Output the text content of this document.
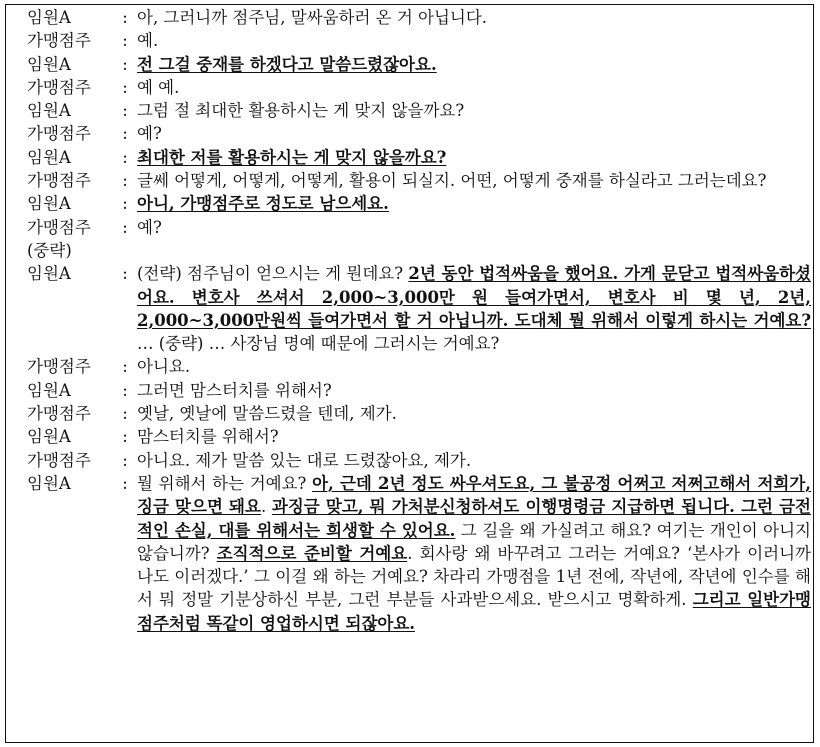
임원A	: 아, 그러니까 점주님, 말싸움하러 온 거 아닙니다.
가맹점주	: 예.
임원A	: 전 그걸 중재를 하겠다고 말씀드렸잖아요.
가맹점주	: 예 예.
임원A	: 그럼 절 최대한 활용하시는 게 맞지 않을까요?
가맹점주	: 예?
임원A	: 최대한 저를 활용하시는 게 맞지 않을까요?
가맹점주	: 글쎄 어떻게, 어떻게, 어떻게, 활용이 되실지. 어떤, 어떻게 중재를 하실라고 그러는데요?
임원A	: 아니, 가맹점주로 정도로 남으세요.
가맹점주	: 예?
(중략)
임원A	: (전략) 점주님이 얻으시는 게 뭔데요? 2년 동안 법적싸움을 했어요. 가게 문닫고 법적싸움하셨어요. 변호사 쓰셔서 2,000~3,000만 원 들여가면서, 변호사 비 몇 년, 2년, 2,000~3,000만원씩 들여가면서 할 거 아닙니까. 도대체 뭘 위해서 이렇게 하시는 거예요? … (중략) … 사장님 명예 때문에 그러시는 거예요?
가맹점주	: 아니요.
임원A	: 그러면 맘스터치를 위해서?
가맹점주	: 옛날, 옛날에 말씀드렸을 텐데, 제가.
임원A	: 맘스터치를 위해서?
가맹점주	: 아니요. 제가 말씀 있는 대로 드렸잖아요, 제가.
임원A	: 뭘 위해서 하는 거예요? 아, 근데 2년 정도 싸우셔도요, 그 불공정 어쩌고 저쩌고해서 저희가, 징금 맞으면 돼요. 과징금 맞고, 뭐 가처분신청하셔도 이행명령금 지급하면 됩니다. 그런 금전적인 손실, 대를 위해서는 희생할 수 있어요. 그 길을 왜 가실려고 해요? 여기는 개인이 아니지 않습니까? 조직적으로 준비할 거예요. 회사랑 왜 바꾸려고 그러는 거예요? ‘본사가 이러니까 나도 이러겠다.’ 그 이걸 왜 하는 거예요? 차라리 가맹점을 1년 전에, 작년에, 작년에 인수를 해서 뭐 정말 기분상하신 부분, 그런 부분들 사과받으세요. 받으시고 명확하게. 그리고 일반가맹점주처럼 똑같이 영업하시면 되잖아요.
